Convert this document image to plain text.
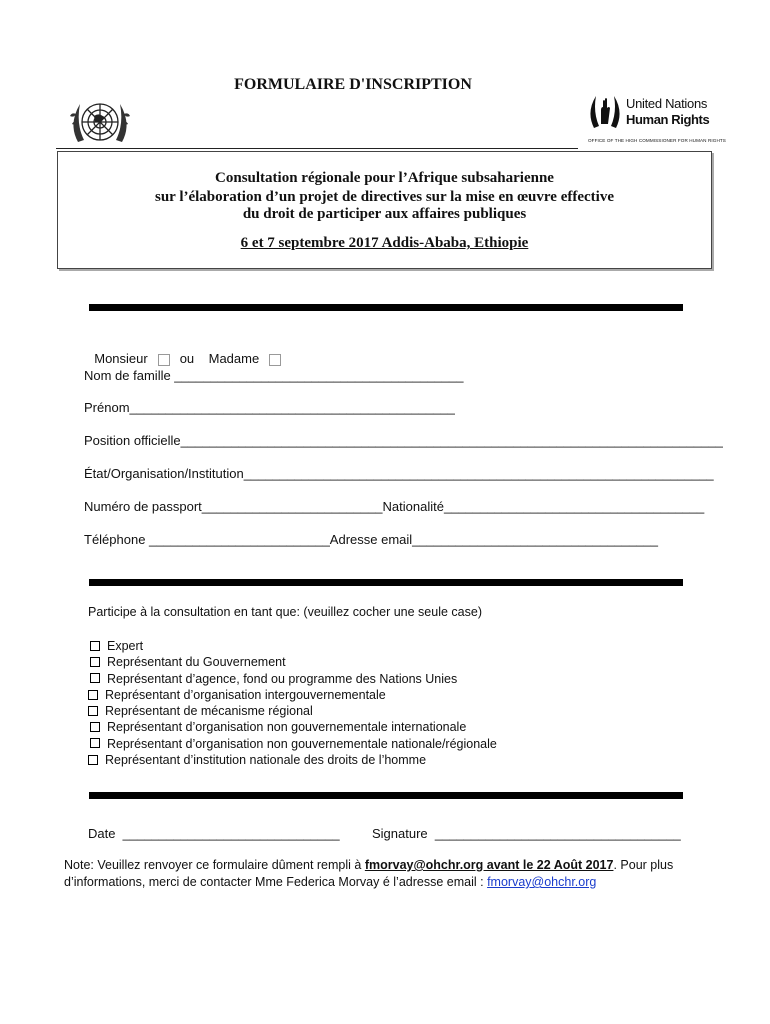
FORMULAIRE D'INSCRIPTION
United Nations
Human Rights
OFFICE OF THE HIGH COMMISSIONER FOR HUMAN RIGHTS
Consultation régionale pour l’Afrique subsaharienne
sur l’élaboration d’un projet de directives sur la mise en œuvre effective
du droit de participer aux affaires publiques
6 et 7 septembre 2017 Addis-Ababa, Ethiopie

Monsieur ou Madame

Nom de famille ________________________________________
Prénom_____________________________________________
Position officielle___________________________________________________________________________
État/Organisation/Institution_________________________________________________________________
Numéro de passport_________________________Nationalité____________________________________
Téléphone _________________________Adresse email__________________________________
Participe à la consultation en tant que: (veuillez cocher une seule case)
Expert
Représentant du Gouvernement
Représentant d’agence, fond ou programme des Nations Unies
Représentant d’organisation intergouvernementale
Représentant de mécanisme régional
Représentant d’organisation non gouvernementale internationale
Représentant d’organisation non gouvernementale nationale/régionale
Représentant d’institution nationale des droits de l’homme
Date  ______________________________ Signature  __________________________________
Note: Veuillez renvoyer ce formulaire dûment rempli à fmorvay@ohchr.org avant le 22 Août 2017. Pour plus d’informations, merci de contacter Mme Federica Morvay é l’adresse email : fmorvay@ohchr.org
